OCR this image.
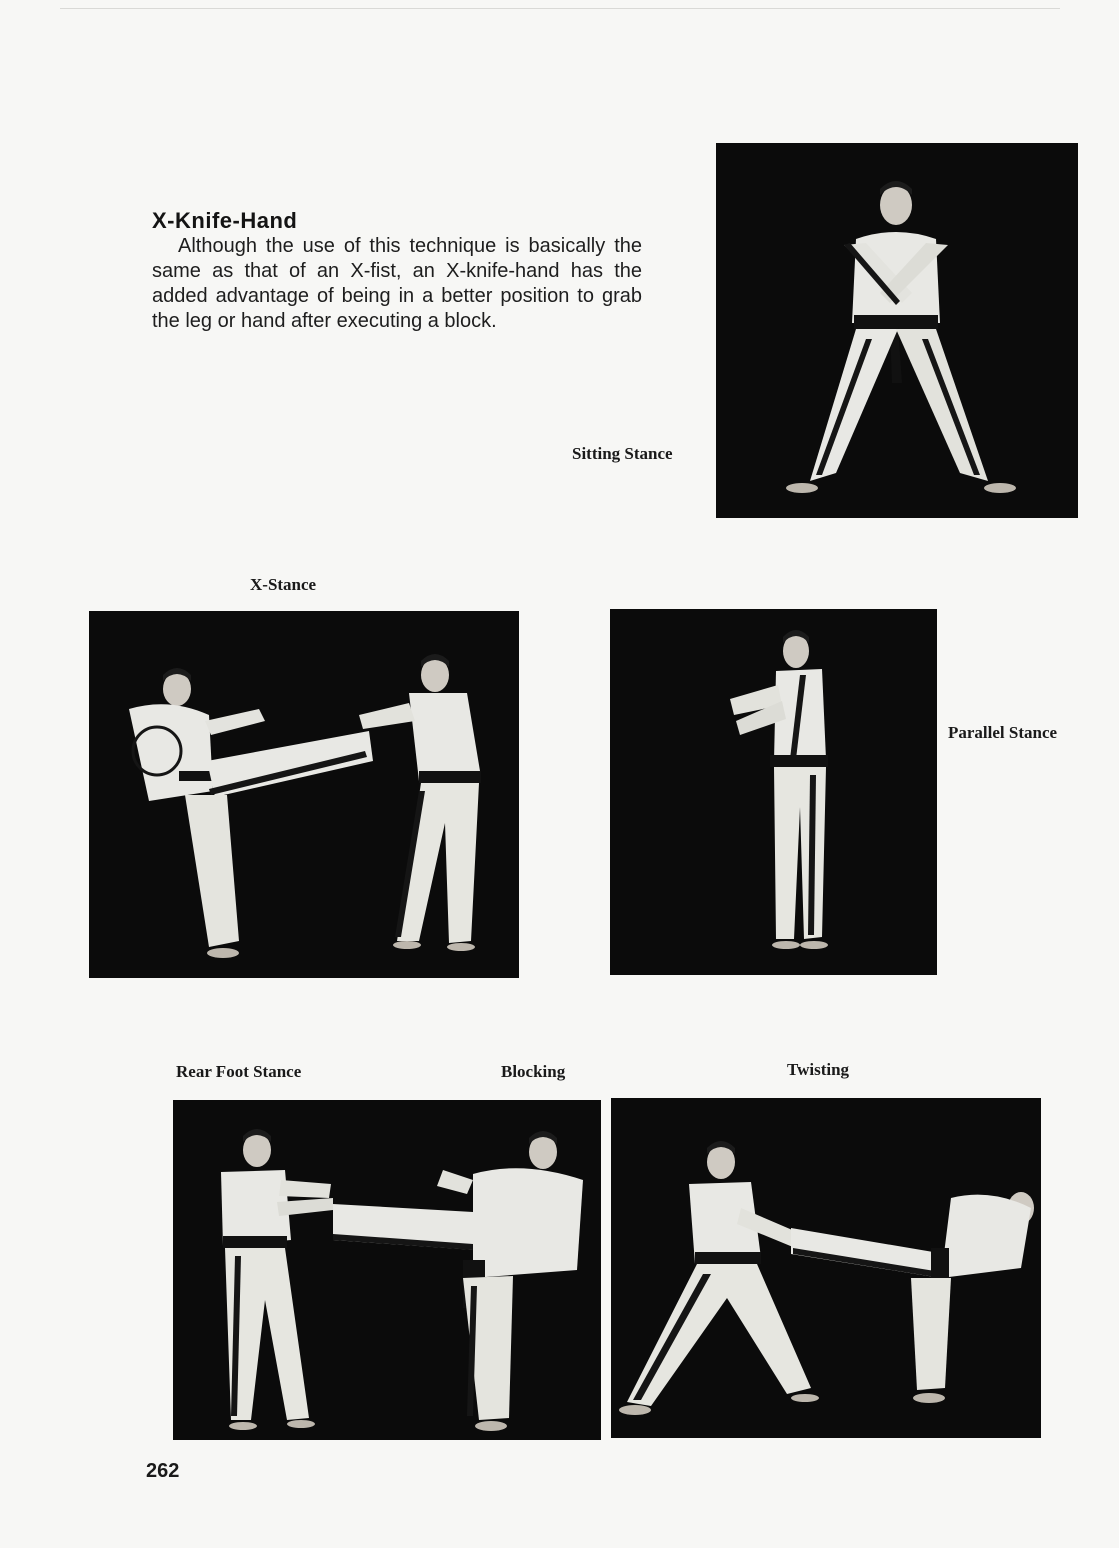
X-Knife-Hand

Although the use of this technique is basically the same as that of an X-fist, an X-knife-hand has the added advantage of being in a better position to grab the leg or hand after executing a block.

Sitting Stance
X-Stance
Parallel Stance
Rear Foot Stance	Blocking	Twisting
262
